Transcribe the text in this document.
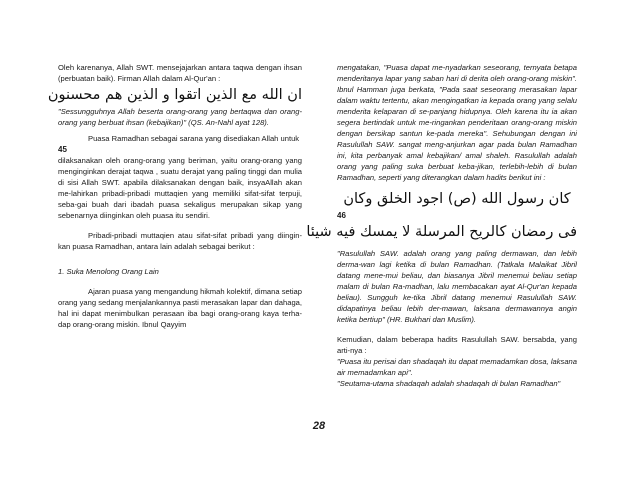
Oleh karenanya, Allah SWT. mensejajarkan antara taqwa dengan ihsan (perbuatan baik). Firman Allah dalam Al-Qur'an :

ان الله مع الذين اتقوا و الذين هم محسنون

"Sessungguhnya Allah beserta orang-orang yang bertaqwa dan orang-orang yang berbuat ihsan (kebajikan)" (QS. An-Nahl ayat 128).

Puasa Ramadhan sebagai sarana yang disediakan Allah untuk

45

dilaksanakan oleh orang-orang yang beriman, yaitu orang-orang yang menginginkan derajat taqwa , suatu derajat yang paling tinggi dan mulia di sisi Allah SWT. apabila dilaksanakan dengan baik, insyaAllah akan me-lahirkan pribadi-pribadi muttaqien yang memiliki sifat-sifat terpuji, seba-gai buah dari ibadah puasa sekaligus merupakan sikap yang sebenarnya diinginkan oleh puasa itu sendiri.

Pribadi-pribadi muttaqien atau sifat-sifat pribadi yang diingin-kan puasa Ramadhan, antara lain adalah sebagai berikut :

1. Suka Menolong Orang Lain

Ajaran puasa yang mengandung hikmah kolektif, dimana setiap orang yang sedang menjalankannya pasti merasakan lapar dan dahaga, hal ini dapat menimbulkan perasaan iba bagi orang-orang kaya terha-dap orang-orang miskin. Ibnul Qayyim

mengatakan, "Puasa dapat me-nyadarkan seseorang, ternyata betapa menderitanya lapar yang saban hari di derita oleh orang-orang miskin". Ibnul Hamman juga berkata, "Pada saat seseorang merasakan lapar dalam waktu tertentu, akan mengingatkan ia kepada orang yang selalu menderita kelaparan di se-panjang hidupnya. Oleh karena itu ia akan segera bertindak untuk me-ringankan penderitaan orang-orang miskin dengan bersikap santun ke-pada mereka". Sehubungan dengan ini Rasulullah SAW. sangat meng-anjurkan agar pada bulan Ramadhan ini, kita perbanyak amal kebajikan/ amal shaleh. Rasulullah adalah orang yang paling suka berbuat keba-jikan, terlebih-lebih di bulan Ramadhan, seperti yang diterangkan dalam hadits berikut ini :

كان رسول الله (ص) اجود الخلق وكان

46

فى رمضان كالريح المرسلة لا يمسك فيه شيئا

"Rasulullah SAW. adalah orang yang paling dermawan, dan lebih derma-wan lagi ketika di bulan Ramadhan. (Tatkala Malaikat Jibril datang mene-mui beliau, dan biasanya Jibril menemui beliau setiap malam di bulan Ra-madhan, lalu membacakan ayat Al-Qur'an kepada beliau). Sungguh ke-tika Jibril datang menemui Rasulullah SAW. didapatinya beliau lebih der-mawan, laksana dermawannya angin ketika bertiup" (HR. Bukhari dan Muslim).

Kemudian, dalam beberapa hadits Rasulullah SAW. bersabda, yang arti-nya :

"Puasa itu perisai dan shadaqah itu dapat memadamkan dosa, laksana air memadamkan api".

"Seutama-utama shadaqah adalah shadaqah di bulan Ramadhan"

28
